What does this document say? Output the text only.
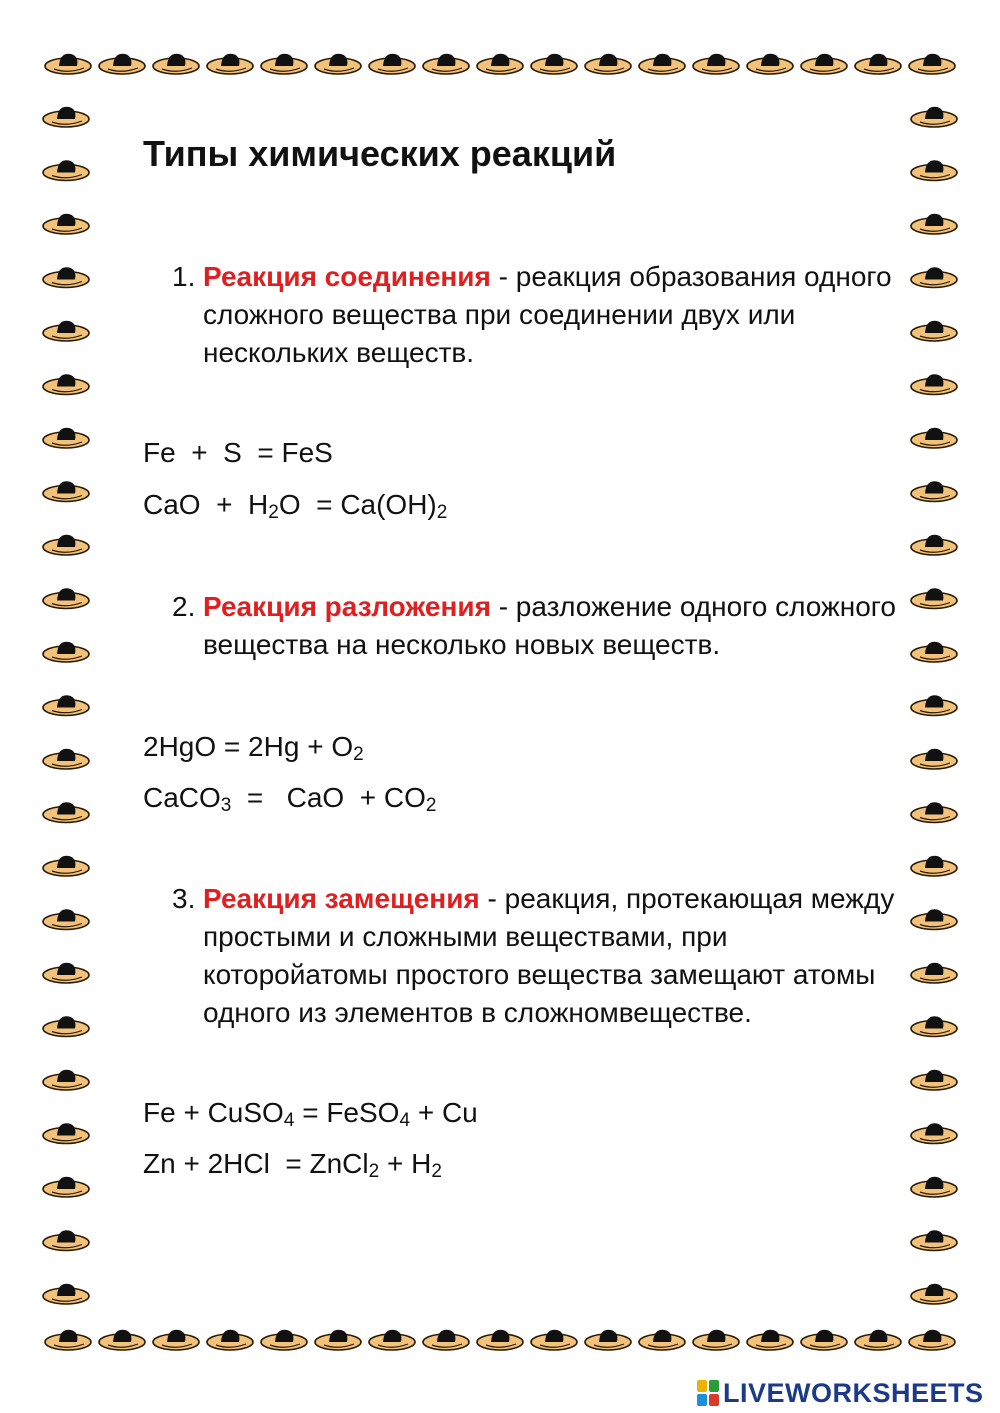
Типы химических реакций
1. Реакция соединения - реакция образования одного сложного вещества при соединении двух или нескольких веществ.
Fe  +  S  = FeS
CaO  +  $H_2O = Ca(OH)_2$
2. Реакция разложения - разложение одного сложного вещества на несколько новых веществ.
$2HgO = 2Hg + O_2$
CaCO$_3$  =   CaO  + $CO_2$
3. Реакция замещения - реакция, протекающая между простыми и сложными веществами, при которойатомы простого вещества замещают атомы одного из элементов в сложномвеществе.
Fe + CuSO$_4$ = FeSO$_4$ + Cu
Zn + 2HCl  = ZnCl$_2$ + $H_2$
LIVEWORKSHEETS
